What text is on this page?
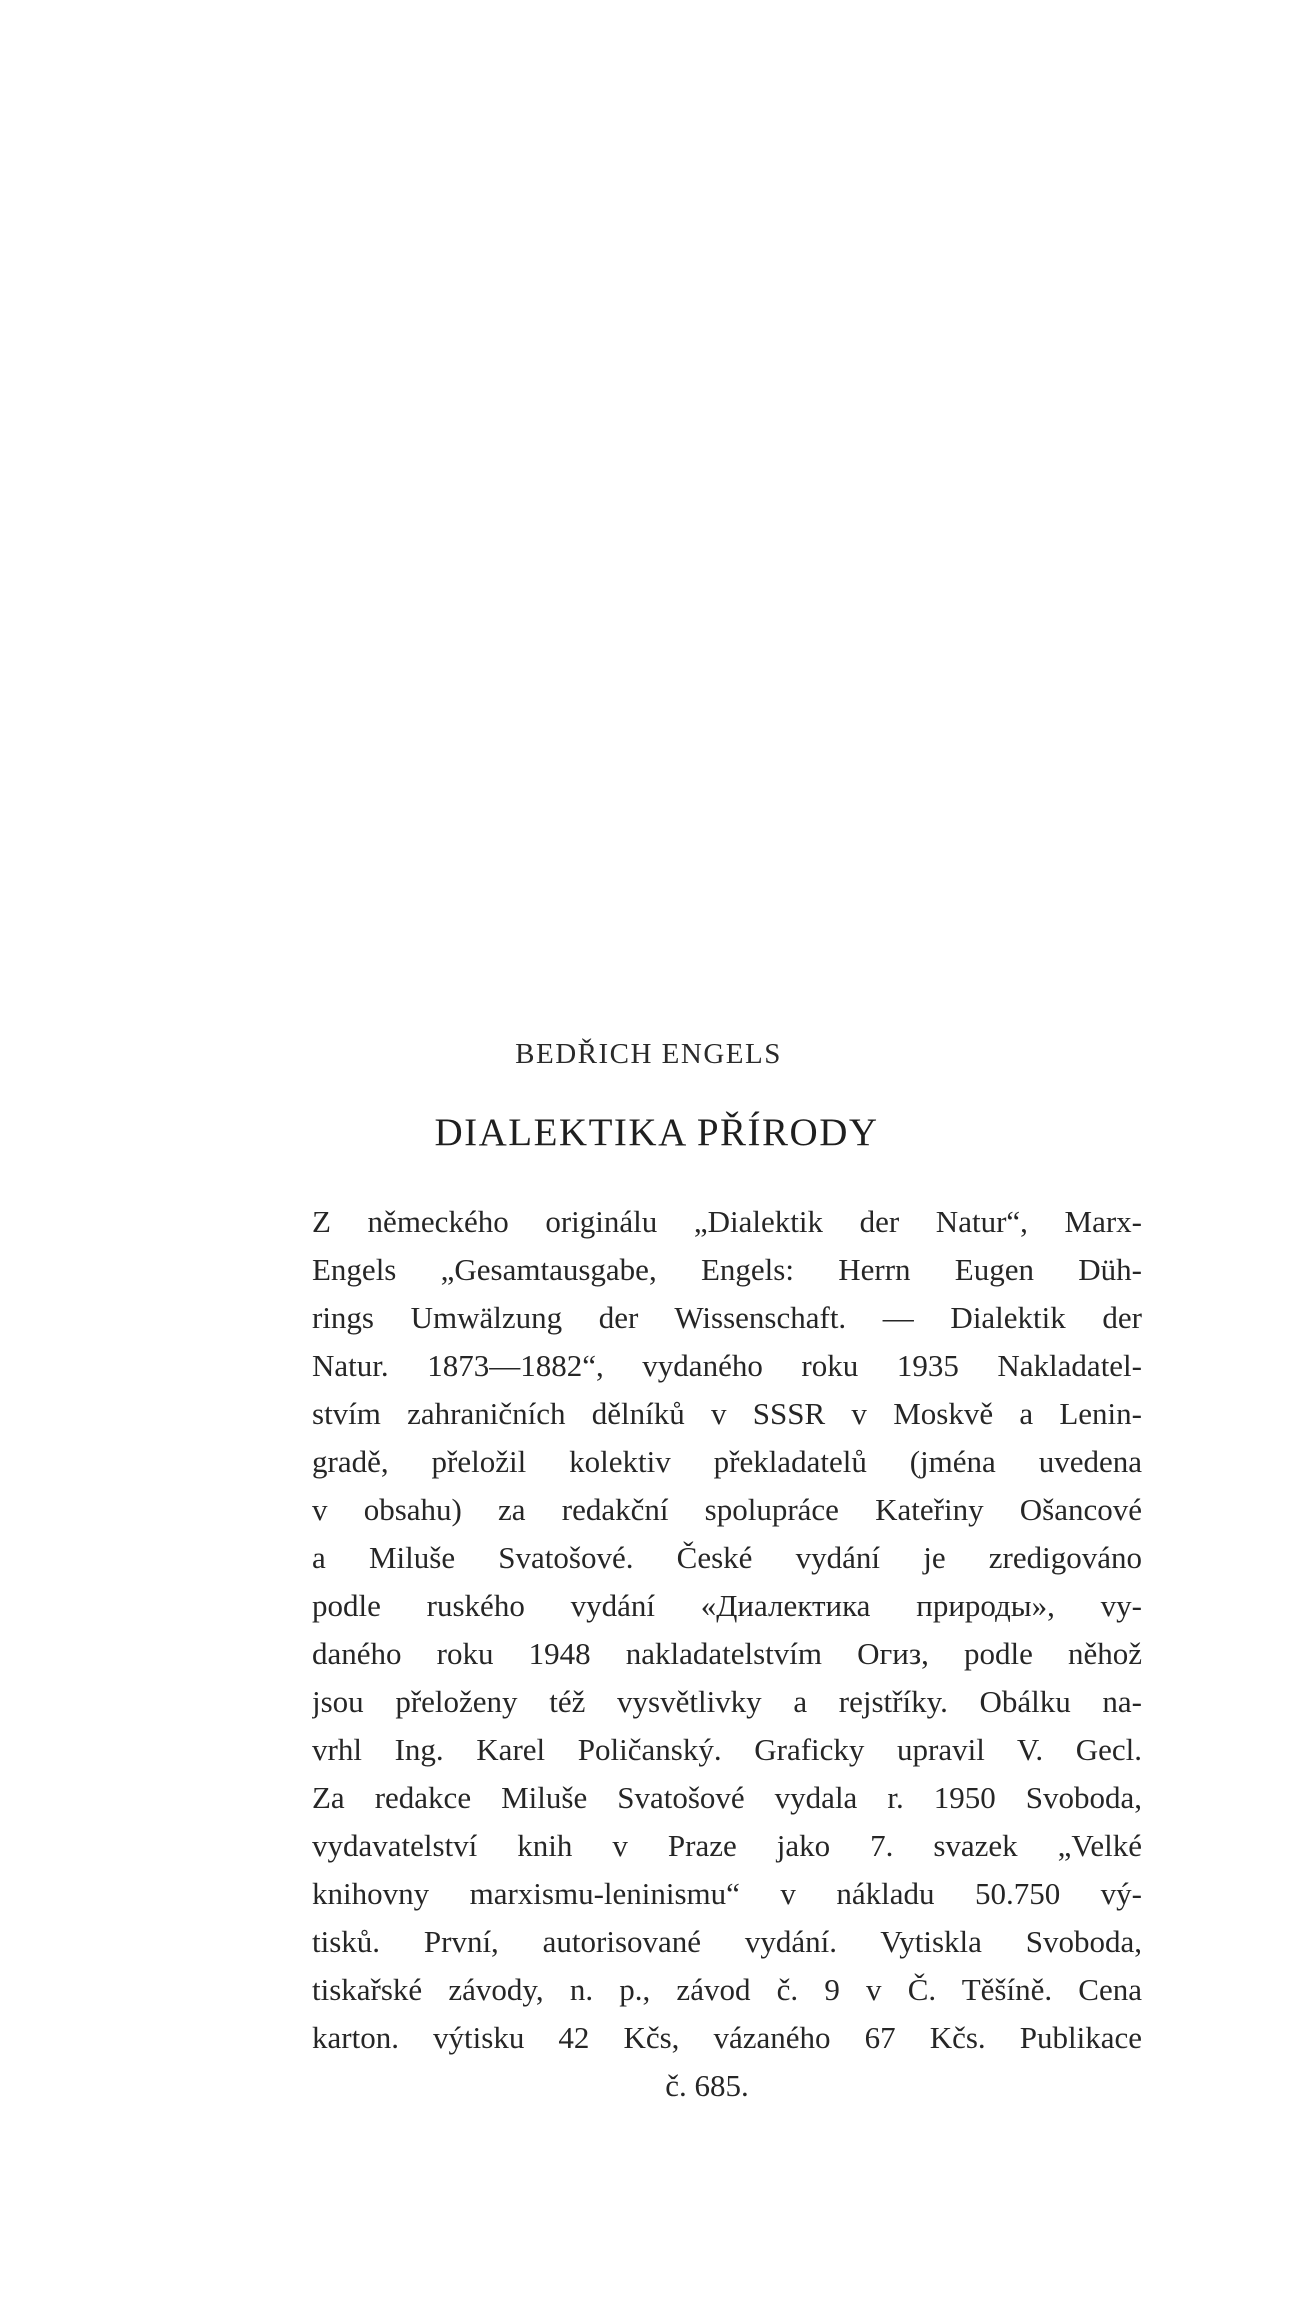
BEDŘICH ENGELS

DIALEKTIKA PŘÍRODY
Z německého originálu „Dialektik der Natur“, Marx-
Engels „Gesamtausgabe, Engels: Herrn Eugen Düh-
rings Umwälzung der Wissenschaft. — Dialektik der
Natur. 1873—1882“, vydaného roku 1935 Nakladatel-
stvím zahraničních dělníků v SSSR v Moskvě a Lenin-
gradě, přeložil kolektiv překladatelů (jména uvedena
v obsahu) za redakční spolupráce Kateřiny Ošancové
a Miluše Svatošové. České vydání je zredigováno
podle ruského vydání «Диалектика природы», vy-
daného roku 1948 nakladatelstvím Огиз, podle něhož
jsou přeloženy též vysvětlivky a rejstříky. Obálku na-
vrhl Ing. Karel Poličanský. Graficky upravil V. Gecl.
Za redakce Miluše Svatošové vydala r. 1950 Svoboda,
vydavatelství knih v Praze jako 7. svazek „Velké
knihovny marxismu-leninismu“ v nákladu 50.750 vý-
tisků. První, autorisované vydání. Vytiskla Svoboda,
tiskařské závody, n. p., závod č. 9 v Č. Těšíně. Cena
karton. výtisku 42 Kčs, vázaného 67 Kčs. Publikace
č. 685.
